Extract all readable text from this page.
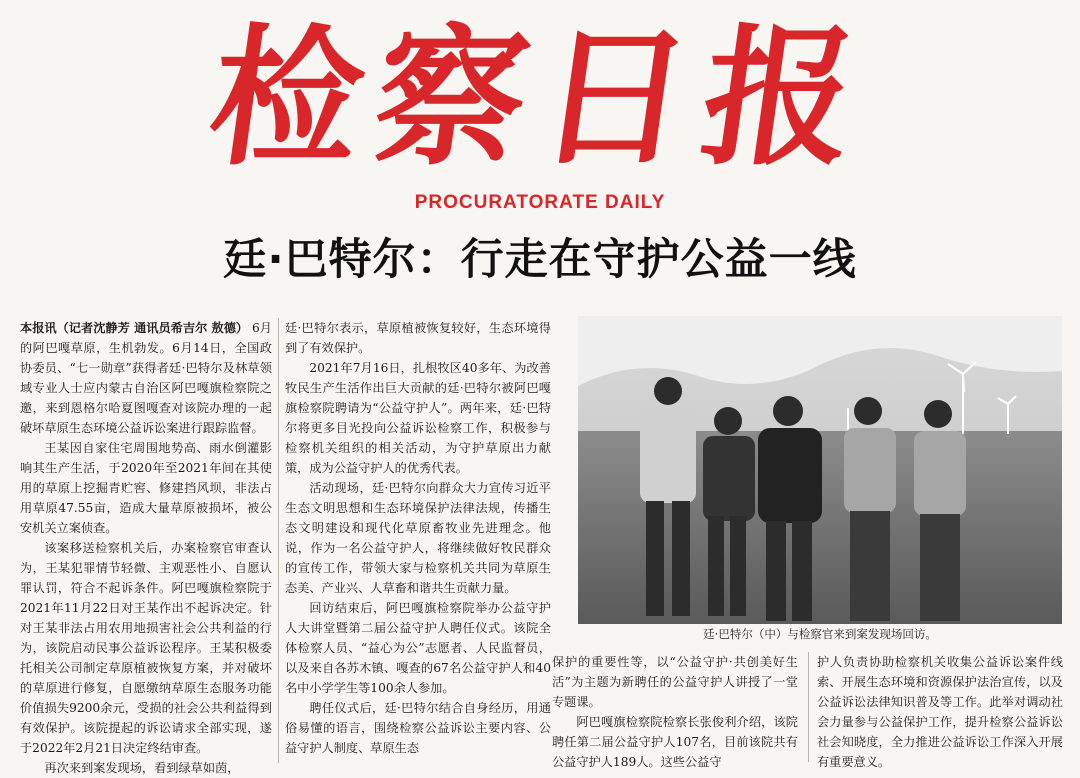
检察日报
PROCURATORATE DAILY
廷·巴特尔：行走在守护公益一线

本报讯（记者沈静芳 通讯员希吉尔 敖德） 6月的阿巴嘎草原，生机勃发。6月14日，全国政协委员、“七一勋章”获得者廷·巴特尔及林草领域专业人士应内蒙古自治区阿巴嘎旗检察院之邀，来到恩格尔哈夏图嘎查对该院办理的一起破坏草原生态环境公益诉讼案进行跟踪监督。

王某因自家住宅周围地势高、雨水倒灌影响其生产生活，于2020年至2021年间在其使用的草原上挖掘青贮窖、修建挡风坝，非法占用草原47.55亩，造成大量草原被损坏，被公安机关立案侦查。

该案移送检察机关后，办案检察官审查认为，王某犯罪情节轻微、主观恶性小、自愿认罪认罚，符合不起诉条件。阿巴嘎旗检察院于2021年11月22日对王某作出不起诉决定。针对王某非法占用农用地损害社会公共利益的行为，该院启动民事公益诉讼程序。王某积极委托相关公司制定草原植被恢复方案，并对破坏的草原进行修复，自愿缴纳草原生态服务功能价值损失9200余元，受损的社会公共利益得到有效保护。该院提起的诉讼请求全部实现，遂于2022年2月21日决定终结审查。

再次来到案发现场，看到绿草如茵，

廷·巴特尔表示，草原植被恢复较好，生态环境得到了有效保护。

2021年7月16日，扎根牧区40多年、为改善牧民生产生活作出巨大贡献的廷·巴特尔被阿巴嘎旗检察院聘请为“公益守护人”。两年来，廷·巴特尔将更多目光投向公益诉讼检察工作，积极参与检察机关组织的相关活动，为守护草原出力献策，成为公益守护人的优秀代表。

活动现场，廷·巴特尔向群众大力宣传习近平生态文明思想和生态环境保护法律法规，传播生态文明建设和现代化草原畜牧业先进理念。他说，作为一名公益守护人，将继续做好牧民群众的宣传工作，带领大家与检察机关共同为草原生态美、产业兴、人草畜和谐共生贡献力量。

回访结束后，阿巴嘎旗检察院举办公益守护人大讲堂暨第二届公益守护人聘任仪式。该院全体检察人员、“益心为公”志愿者、人民监督员，以及来自各苏木镇、嘎查的67名公益守护人和40名中小学学生等100余人参加。

聘任仪式后，廷·巴特尔结合自身经历，用通俗易懂的语言，围绕检察公益诉讼主要内容、公益守护人制度、草原生态

廷·巴特尔（中）与检察官来到案发现场回访。

保护的重要性等，以“公益守护·共创美好生活”为主题为新聘任的公益守护人讲授了一堂专题课。

阿巴嘎旗检察院检察长张俊利介绍，该院聘任第二届公益守护人107名，目前该院共有公益守护人189人。这些公益守

护人负责协助检察机关收集公益诉讼案件线索、开展生态环境和资源保护法治宣传，以及公益诉讼法律知识普及等工作。此举对调动社会力量参与公益保护工作，提升检察公益诉讼社会知晓度，全力推进公益诉讼工作深入开展有重要意义。
